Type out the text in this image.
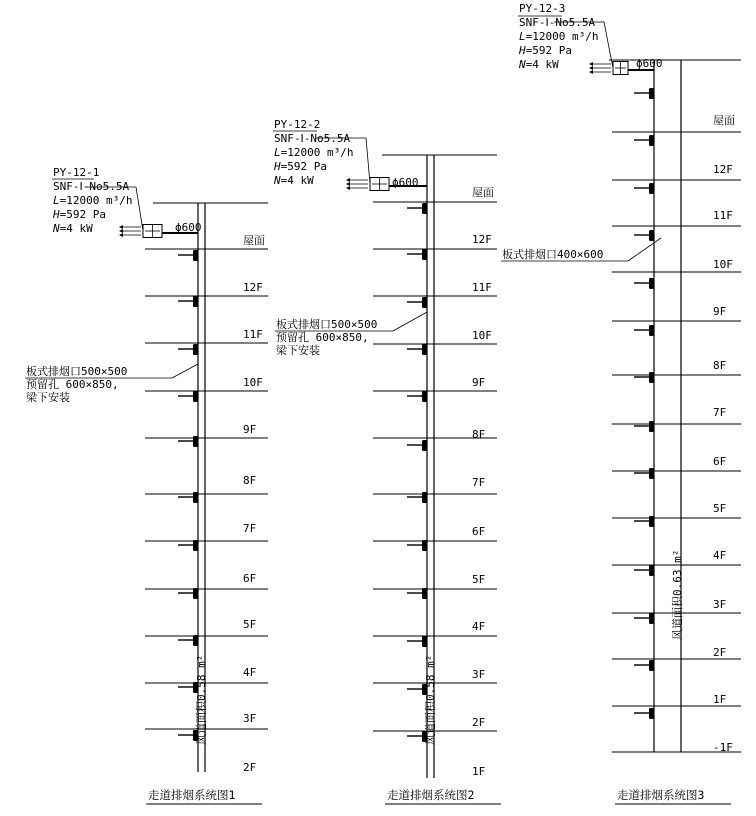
屋面
12F
11F
10F
9F
8F
7F
6F
5F
4F
3F
2F
ϕ600
PY-12-1
SNF-Ⅰ-No5.5A
L=12000 m³/h
H=592 Pa
N=4 kW
板式排烟口500×500
预留孔 600×850,
梁下安装
风道面积0.58 m²
屋面
12F
11F
10F
9F
8F
7F
6F
5F
4F
3F
2F
1F
ϕ600
PY-12-2
SNF-Ⅰ-No5.5A
L=12000 m³/h
H=592 Pa
N=4 kW
板式排烟口500×500
预留孔 600×850,
梁下安装
风道面积0.58 m²
屋面
12F
11F
10F
9F
8F
7F
6F
5F
4F
3F
2F
1F
-1F
ϕ600
PY-12-3
SNF-Ⅰ-No5.5A
L=12000 m³/h
H=592 Pa
N=4 kW
板式排烟口400×600
风道面积0.63 m²
走道排烟系统图1	走道排烟系统图2	走道排烟系统图3
